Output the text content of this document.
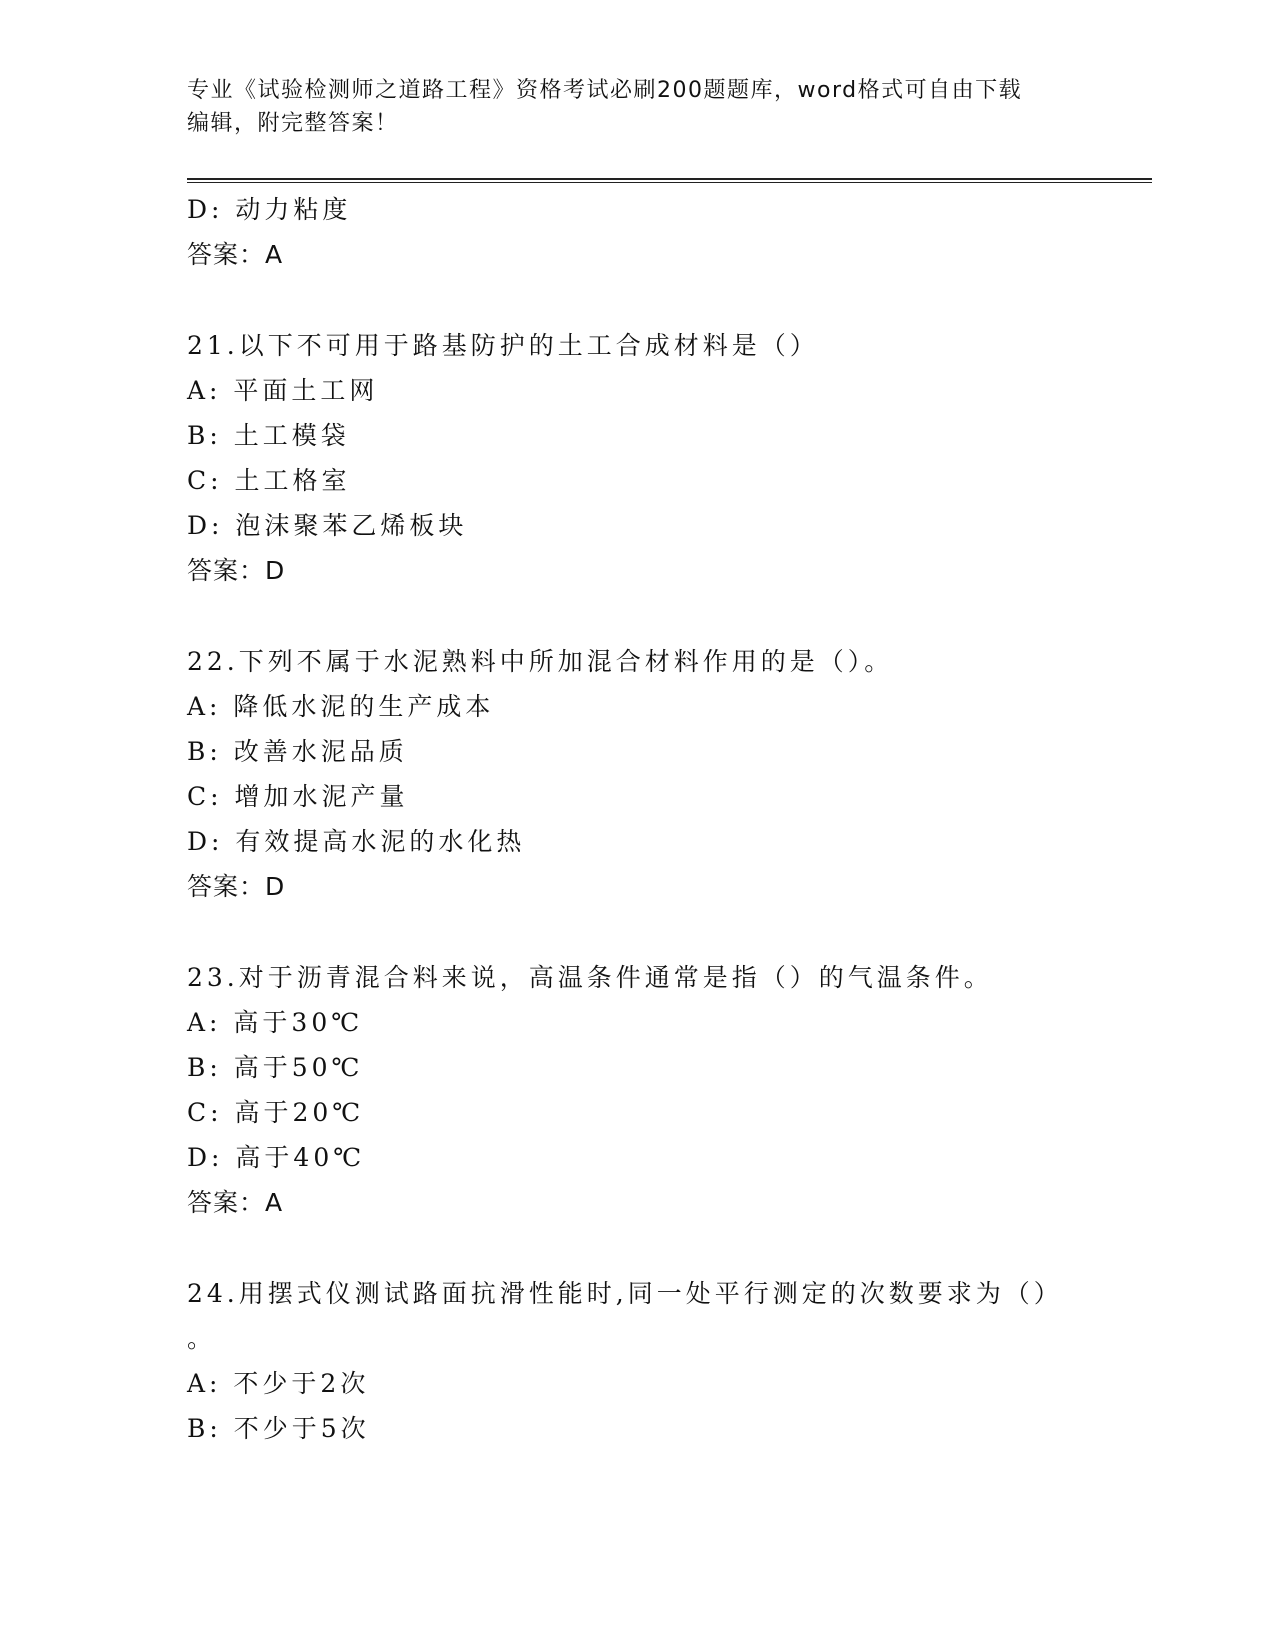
专业《试验检测师之道路工程》资格考试必刷200题题库，word格式可自由下载
编辑，附完整答案！
D: 动力粘度
答案：A
21.以下不可用于路基防护的土工合成材料是（）
A: 平面土工网
B: 土工模袋
C: 土工格室
D: 泡沫聚苯乙烯板块
答案：D
22.下列不属于水泥熟料中所加混合材料作用的是（）。
A: 降低水泥的生产成本
B: 改善水泥品质
C: 增加水泥产量
D: 有效提高水泥的水化热
答案：D
23.对于沥青混合料来说，高温条件通常是指（）的气温条件。
A: 高于30℃
B: 高于50℃
C: 高于20℃
D: 高于40℃
答案：A
24.用摆式仪测试路面抗滑性能时,同一处平行测定的次数要求为（）
。
A: 不少于2次
B: 不少于5次
